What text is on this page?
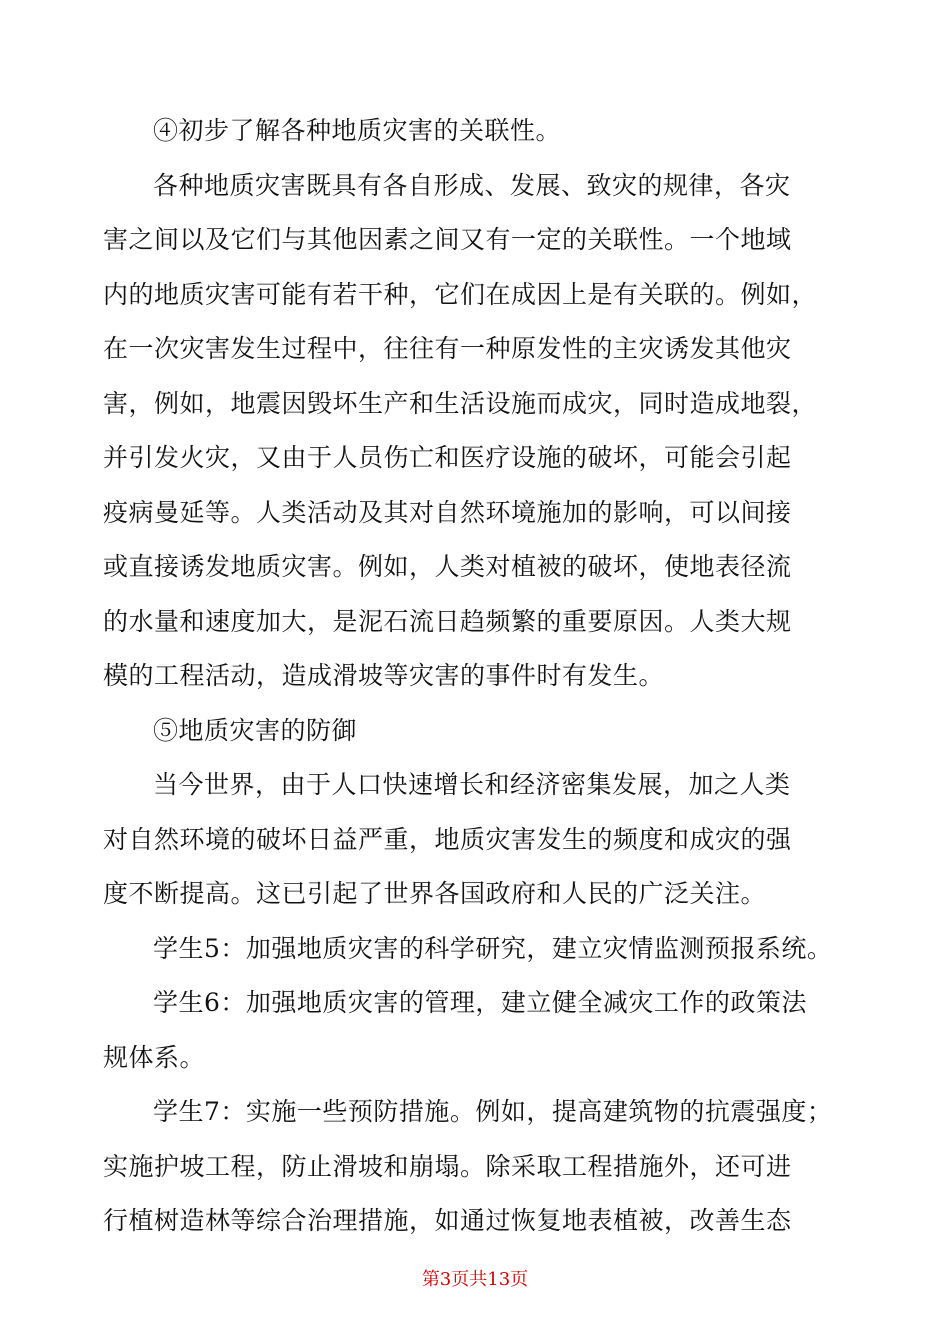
④初步了解各种地质灾害的关联性。
各种地质灾害既具有各自形成、发展、致灾的规律，各灾
害之间以及它们与其他因素之间又有一定的关联性。一个地域
内的地质灾害可能有若干种，它们在成因上是有关联的。例如，
在一次灾害发生过程中，往往有一种原发性的主灾诱发其他灾
害，例如，地震因毁坏生产和生活设施而成灾，同时造成地裂，
并引发火灾，又由于人员伤亡和医疗设施的破坏，可能会引起
疫病曼延等。人类活动及其对自然环境施加的影响，可以间接
或直接诱发地质灾害。例如，人类对植被的破坏，使地表径流
的水量和速度加大，是泥石流日趋频繁的重要原因。人类大规
模的工程活动，造成滑坡等灾害的事件时有发生。
⑤地质灾害的防御
当今世界，由于人口快速增长和经济密集发展，加之人类
对自然环境的破坏日益严重，地质灾害发生的频度和成灾的强
度不断提高。这已引起了世界各国政府和人民的广泛关注。
学生5：加强地质灾害的科学研究，建立灾情监测预报系统。
学生6：加强地质灾害的管理，建立健全减灾工作的政策法
规体系。
学生7：实施一些预防措施。例如，提高建筑物的抗震强度；
实施护坡工程，防止滑坡和崩塌。除采取工程措施外，还可进
行植树造林等综合治理措施，如通过恢复地表植被，改善生态
第3页共13页
